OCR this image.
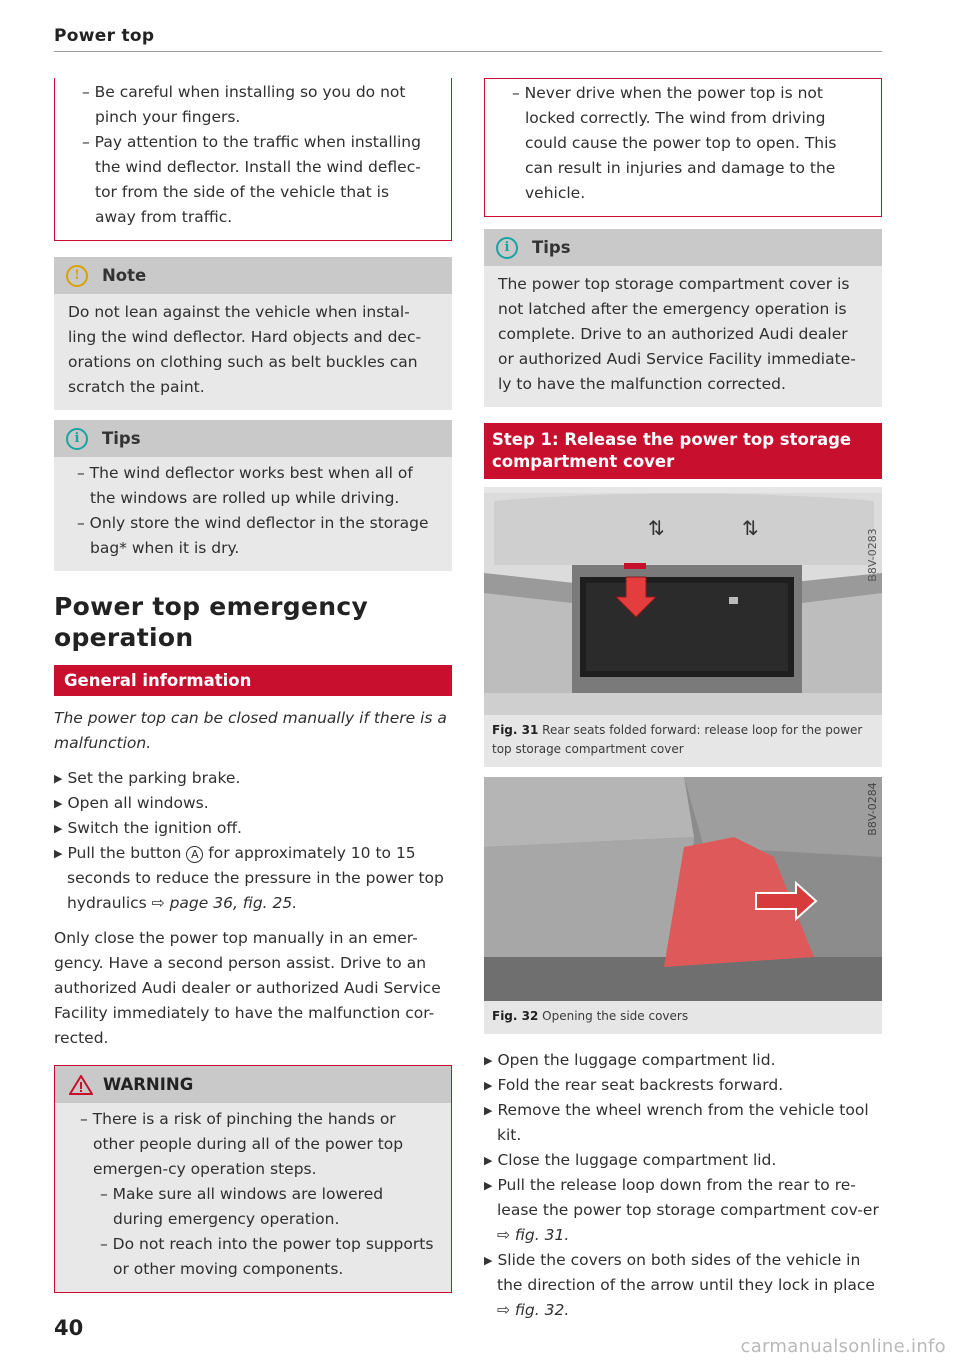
Power top

– Be careful when installing so you do not pinch your fingers.

– Pay attention to the traffic when installing the wind deflector. Install the wind deflec-tor from the side of the vehicle that is away from traffic.

!	Note

Do not lean against the vehicle when instal-ling the wind deflector. Hard objects and dec-orations on clothing such as belt buckles can scratch the paint.

i	Tips

– The wind deflector works best when all of the windows are rolled up while driving.

– Only store the wind deflector in the storage bag* when it is dry.

Power top emergency operation
General information

The power top can be closed manually if there is a malfunction.

▶ Set the parking brake.

▶ Open all windows.

▶ Switch the ignition off.

▶ Pull the button A for approximately 10 to 15 seconds to reduce the pressure in the power top hydraulics ⇨ page 36, fig. 25.

Only close the power top manually in an emer-gency. Have a second person assist. Drive to an authorized Audi dealer or authorized Audi Service Facility immediately to have the malfunction cor-rected.

WARNING

– There is a risk of pinching the hands or other people during all of the power top emergen-cy operation steps.

– Make sure all windows are lowered during emergency operation.

– Do not reach into the power top supports or other moving components.

– Never drive when the power top is not locked correctly. The wind from driving could cause the power top to open. This can result in injuries and damage to the vehicle.

i	Tips

The power top storage compartment cover is not latched after the emergency operation is complete. Drive to an authorized Audi dealer or authorized Audi Service Facility immediate-ly to have the malfunction corrected.

Step 1: Release the power top storage compartment cover
⇅	⇅
B8V-0283

Fig. 31 Rear seats folded forward: release loop for the power top storage compartment cover

B8V-0284

Fig. 32 Opening the side covers

▶ Open the luggage compartment lid.

▶ Fold the rear seat backrests forward.

▶ Remove the wheel wrench from the vehicle tool kit.

▶ Close the luggage compartment lid.

▶ Pull the release loop down from the rear to re-lease the power top storage compartment cov-er ⇨ fig. 31.

▶ Slide the covers on both sides of the vehicle in the direction of the arrow until they lock in place ⇨ fig. 32.

40
carmanualsonline.info
